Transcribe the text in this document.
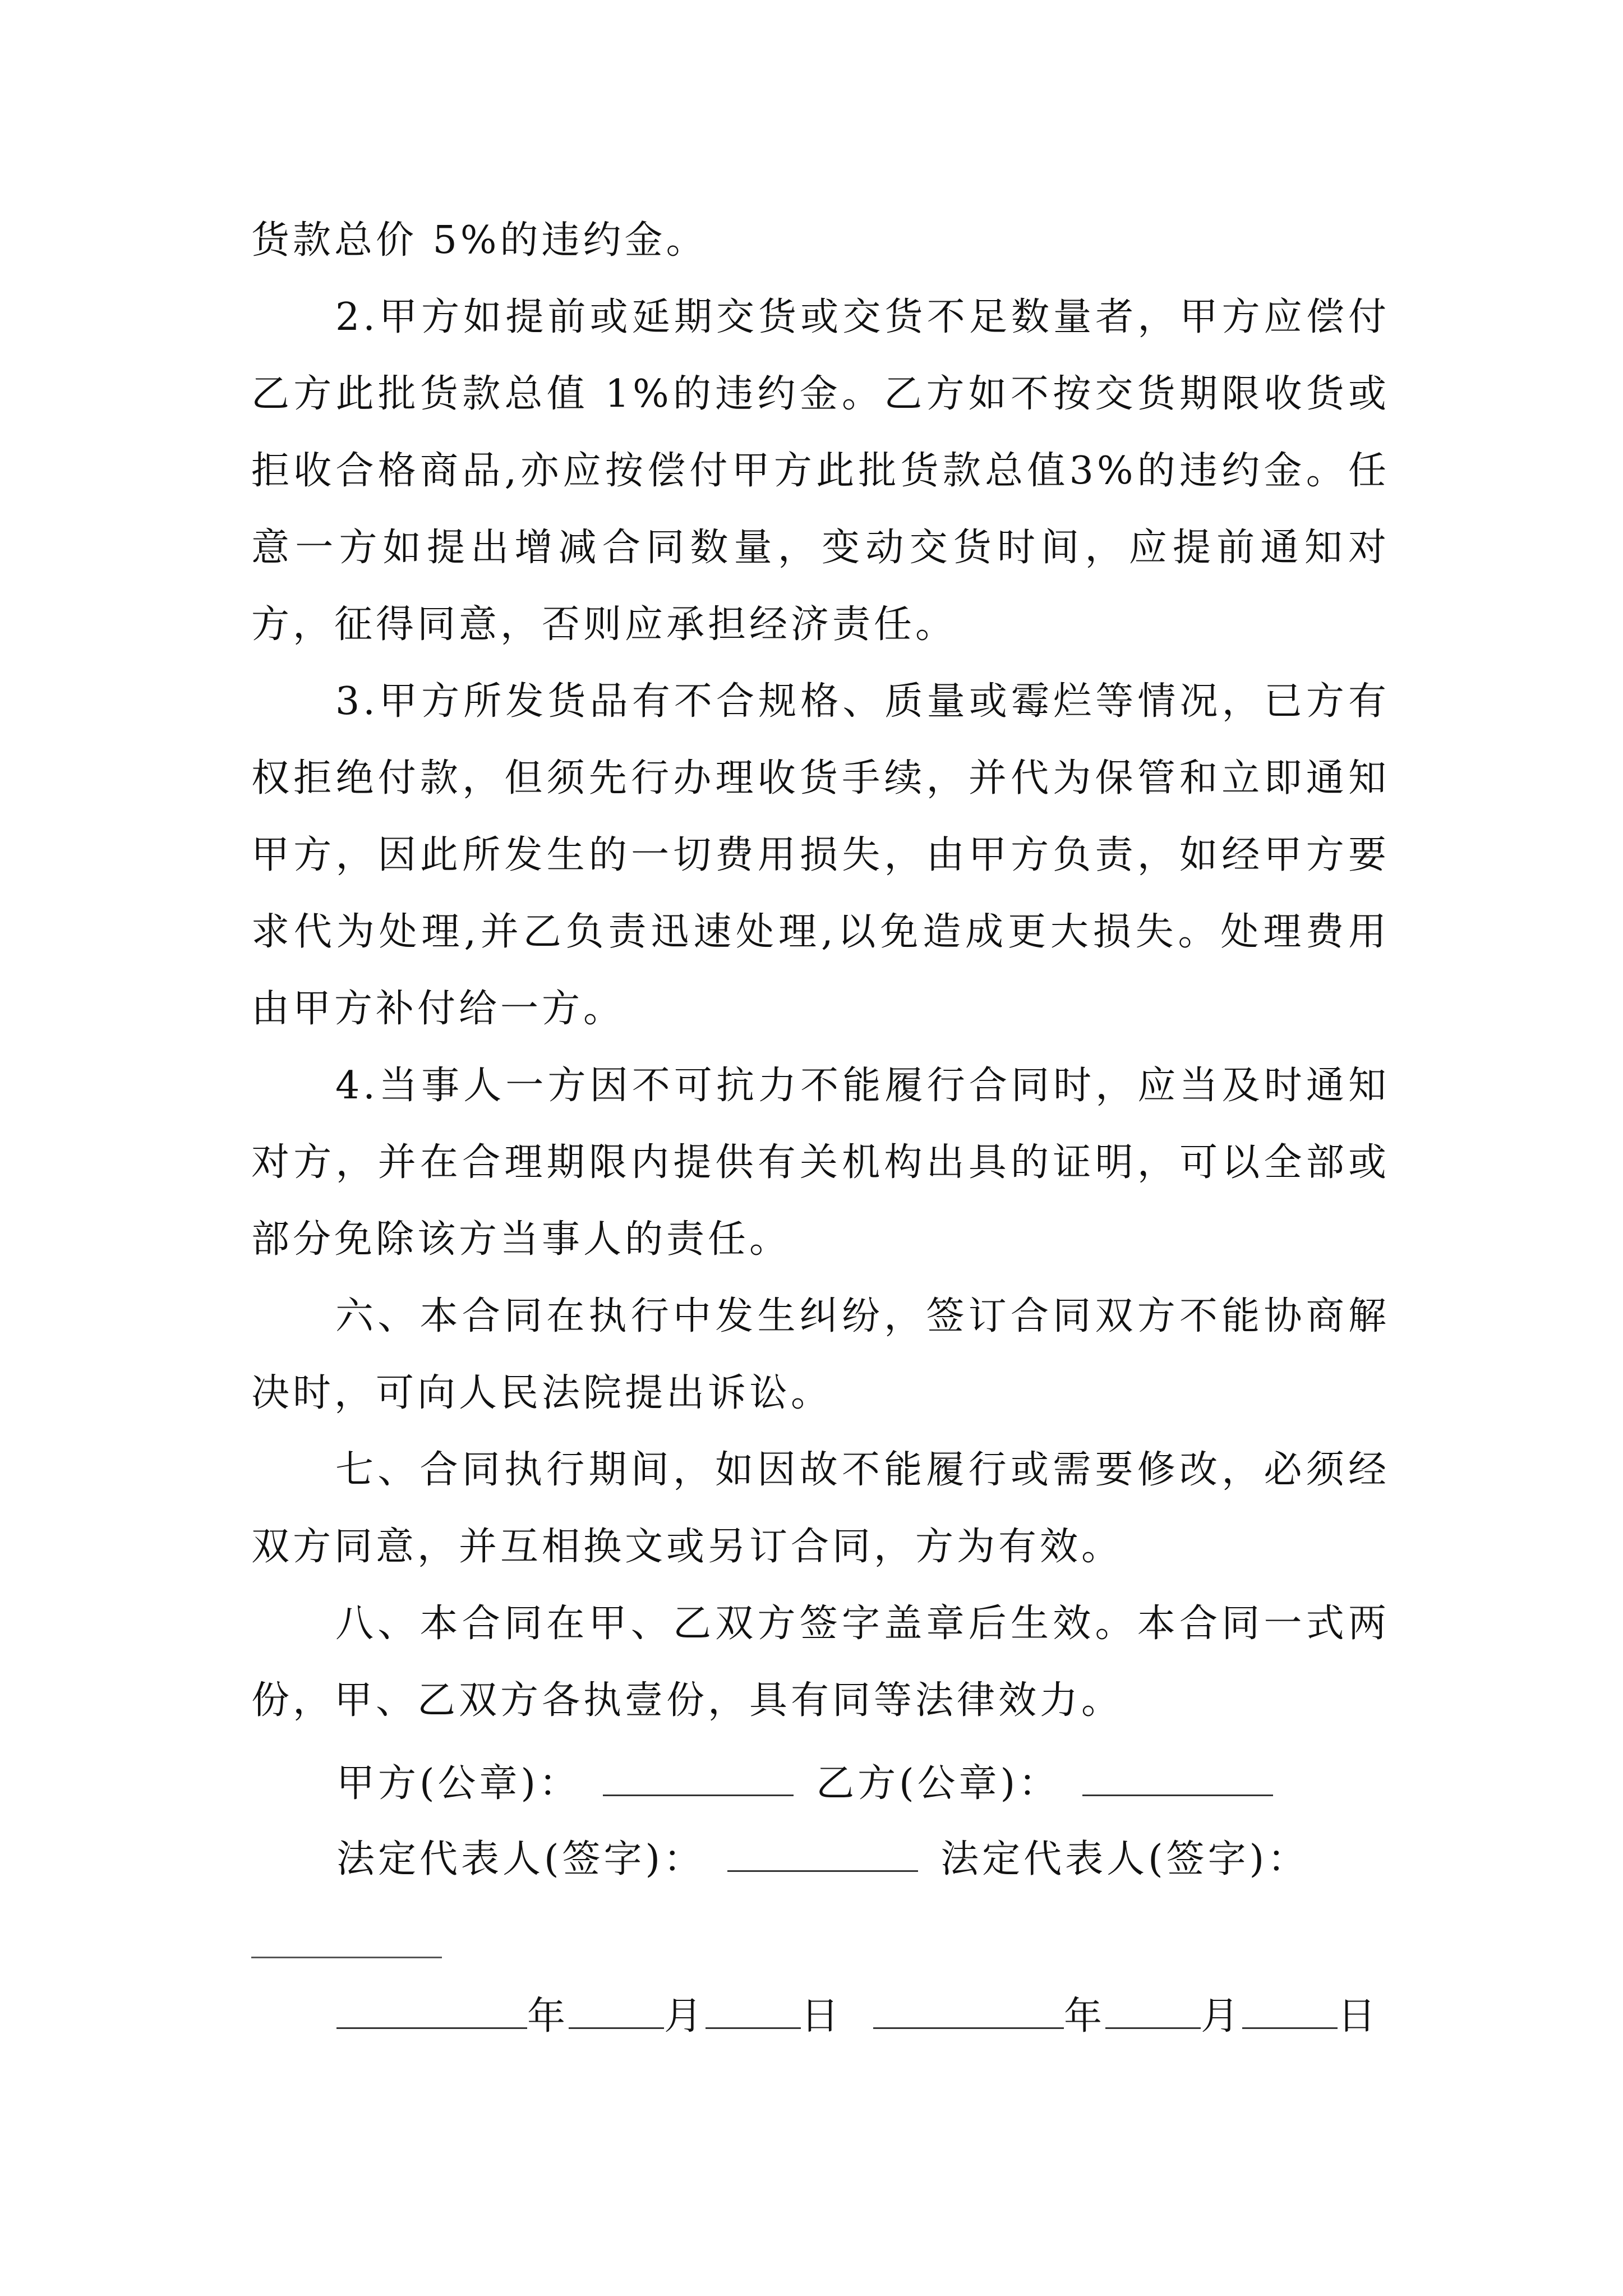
货款总价 5%的违约金。

2.甲方如提前或延期交货或交货不足数量者，甲方应偿付乙方此批货款总值 1%的违约金。乙方如不按交货期限收货或拒收合格商品,亦应按偿付甲方此批货款总值3%的违约金。任意一方如提出增减合同数量，变动交货时间，应提前通知对方，征得同意，否则应承担经济责任。

3.甲方所发货品有不合规格、质量或霉烂等情况，已方有权拒绝付款，但须先行办理收货手续，并代为保管和立即通知甲方，因此所发生的一切费用损失，由甲方负责，如经甲方要求代为处理,并乙负责迅速处理,以免造成更大损失。处理费用由甲方补付给一方。

4.当事人一方因不可抗力不能履行合同时，应当及时通知对方，并在合理期限内提供有关机构出具的证明，可以全部或部分免除该方当事人的责任。

六、本合同在执行中发生纠纷，签订合同双方不能协商解决时，可向人民法院提出诉讼。

七、合同执行期间，如因故不能履行或需要修改，必须经双方同意，并互相换文或另订合同，方为有效。

八、本合同在甲、乙双方签字盖章后生效。本合同一式两份，甲、乙双方各执壹份，具有同等法律效力。

甲方(公章)：	乙方(公章)：
法定代表人(签字)：	法定代表人(签字)：
年	月	日	年	月	日
